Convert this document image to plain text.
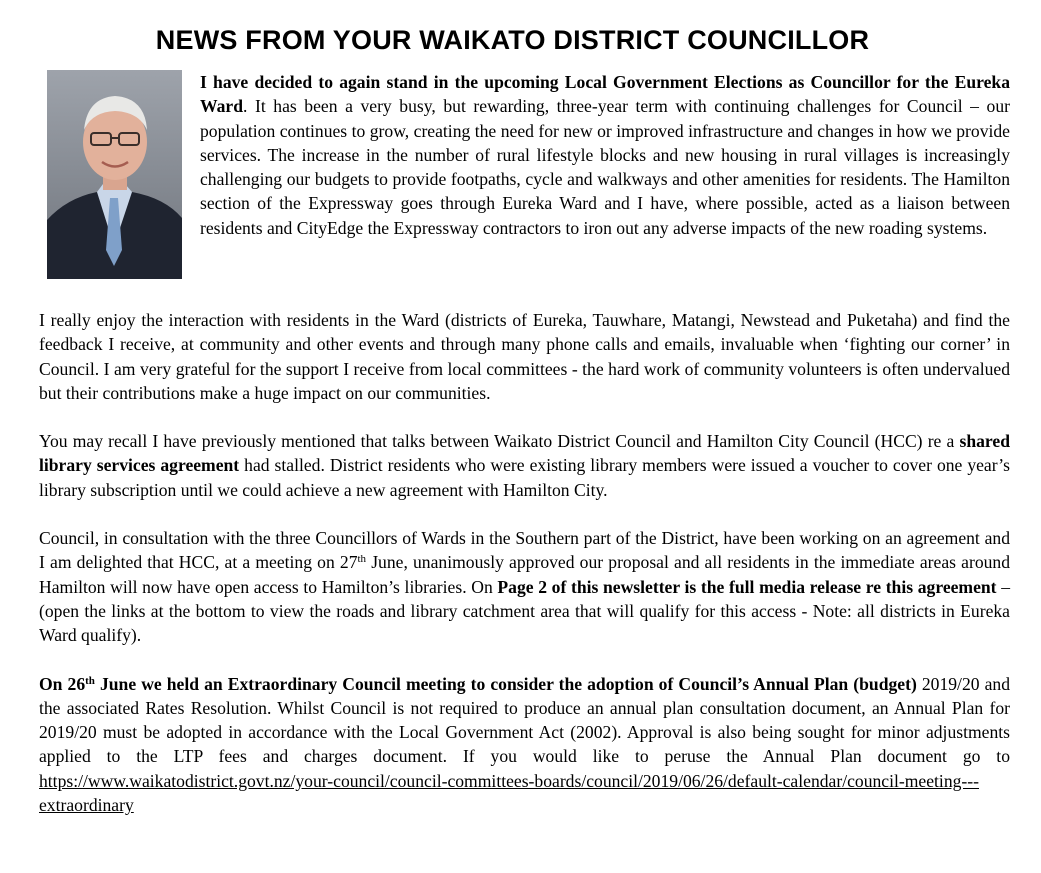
NEWS FROM YOUR WAIKATO DISTRICT COUNCILLOR

I have decided to again stand in the upcoming Local Government Elections as Councillor for the Eureka Ward. It has been a very busy, but rewarding, three-year term with continuing challenges for Council – our population continues to grow, creating the need for new or improved infrastructure and changes in how we provide services. The increase in the number of rural lifestyle blocks and new housing in rural villages is increasingly challenging our budgets to provide footpaths, cycle and walkways and other amenities for residents. The Hamilton section of the Expressway goes through Eureka Ward and I have, where possible, acted as a liaison between residents and CityEdge the Expressway contractors to iron out any adverse impacts of the new roading systems.

I really enjoy the interaction with residents in the Ward (districts of Eureka, Tauwhare, Matangi, Newstead and Puketaha) and find the feedback I receive, at community and other events and through many phone calls and emails, invaluable when ‘fighting our corner’ in Council. I am very grateful for the support I receive from local committees - the hard work of community volunteers is often undervalued but their contributions make a huge impact on our communities.

You may recall I have previously mentioned that talks between Waikato District Council and Hamilton City Council (HCC) re a shared library services agreement had stalled. District residents who were existing library members were issued a voucher to cover one year’s library subscription until we could achieve a new agreement with Hamilton City.

Council, in consultation with the three Councillors of Wards in the Southern part of the District, have been working on an agreement and I am delighted that HCC, at a meeting on 27th June, unanimously approved our proposal and all residents in the immediate areas around Hamilton will now have open access to Hamilton’s libraries. On Page 2 of this newsletter is the full media release re this agreement – (open the links at the bottom to view the roads and library catchment area that will qualify for this access - Note: all districts in Eureka Ward qualify).

On 26th June we held an Extraordinary Council meeting to consider the adoption of Council’s Annual Plan (budget) 2019/20 and the associated Rates Resolution. Whilst Council is not required to produce an annual plan consultation document, an Annual Plan for 2019/20 must be adopted in accordance with the Local Government Act (2002). Approval is also being sought for minor adjustments applied to the LTP fees and charges document. If you would like to peruse the Annual Plan document go to https://www.waikatodistrict.govt.nz/your-council/council-committees-boards/council/2019/06/26/default-calendar/council-meeting---extraordinary
